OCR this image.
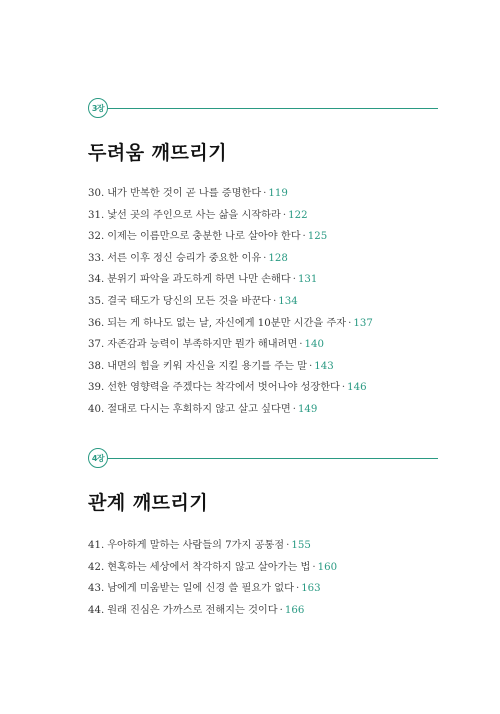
3장
두려움 깨뜨리기
30. 내가 반복한 것이 곧 나를 증명한다 · 119
31. 낯선 곳의 주인으로 사는 삶을 시작하라 · 122
32. 이제는 이름만으로 충분한 나로 살아야 한다 · 125
33. 서른 이후 정신 승리가 중요한 이유 · 128
34. 분위기 파악을 과도하게 하면 나만 손해다 · 131
35. 결국 태도가 당신의 모든 것을 바꾼다 · 134
36. 되는 게 하나도 없는 날, 자신에게 10분만 시간을 주자 · 137
37. 자존감과 능력이 부족하지만 뭔가 해내려면 · 140
38. 내면의 힘을 키워 자신을 지킬 용기를 주는 말 · 143
39. 선한 영향력을 주겠다는 착각에서 벗어나야 성장한다 · 146
40. 절대로 다시는 후회하지 않고 살고 싶다면 · 149
4장
관계 깨뜨리기
41. 우아하게 말하는 사람들의 7가지 공통점 · 155
42. 현혹하는 세상에서 착각하지 않고 살아가는 법 · 160
43. 남에게 미움받는 일에 신경 쓸 필요가 없다 · 163
44. 원래 진심은 가까스로 전해지는 것이다 · 166
